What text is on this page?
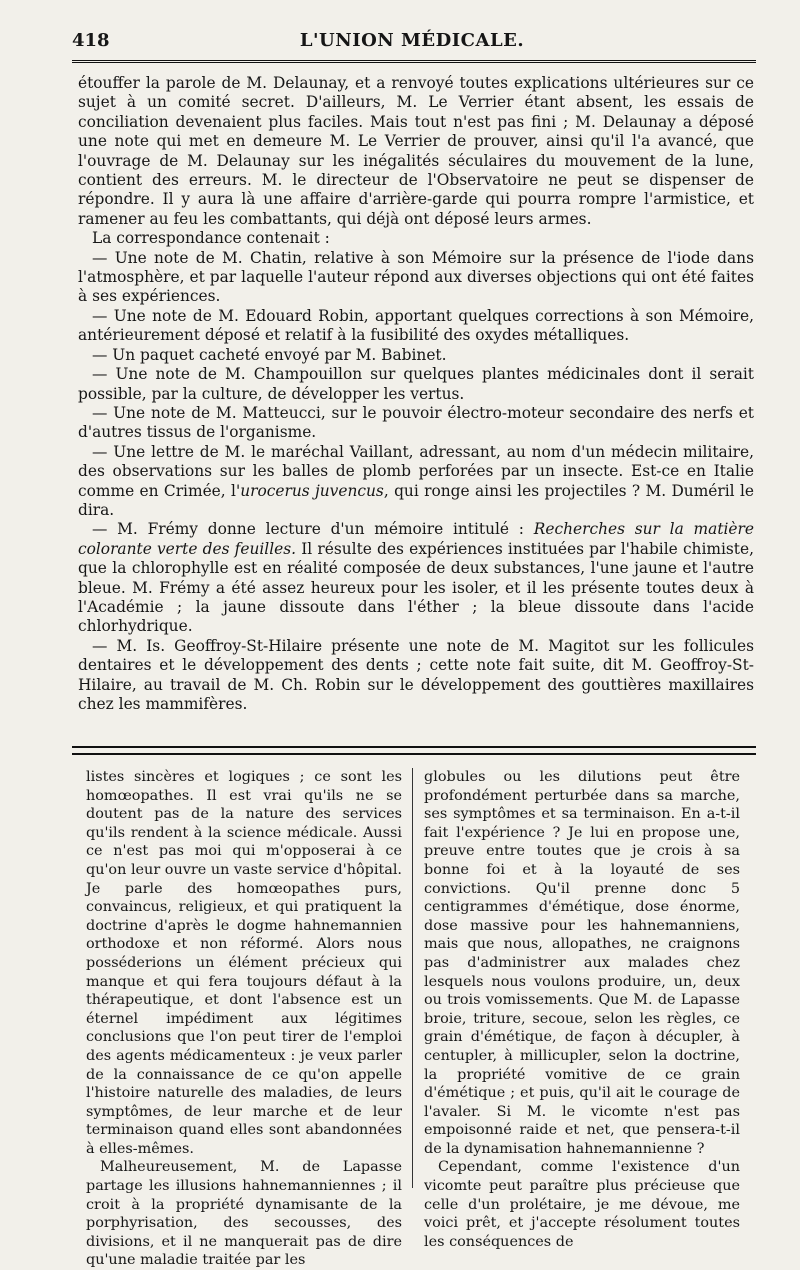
418	L'UNION MÉDICALE.

étouffer la parole de M. Delaunay, et a renvoyé toutes explications ultérieures sur ce sujet à un comité secret. D'ailleurs, M. Le Verrier étant absent, les essais de conciliation devenaient plus faciles. Mais tout n'est pas fini ; M. Delaunay a déposé une note qui met en demeure M. Le Verrier de prouver, ainsi qu'il l'a avancé, que l'ouvrage de M. Delaunay sur les inégalités séculaires du mouvement de la lune, contient des erreurs. M. le directeur de l'Observatoire ne peut se dispenser de répondre. Il y aura là une affaire d'arrière-garde qui pourra rompre l'armistice, et ramener au feu les combattants, qui déjà ont déposé leurs armes.

La correspondance contenait :

— Une note de M. Chatin, relative à son Mémoire sur la présence de l'iode dans l'atmosphère, et par laquelle l'auteur répond aux diverses objections qui ont été faites à ses expériences.

— Une note de M. Edouard Robin, apportant quelques corrections à son Mémoire, antérieurement déposé et relatif à la fusibilité des oxydes métalliques.

— Un paquet cacheté envoyé par M. Babinet.

— Une note de M. Champouillon sur quelques plantes médicinales dont il serait possible, par la culture, de développer les vertus.

— Une note de M. Matteucci, sur le pouvoir électro-moteur secondaire des nerfs et d'autres tissus de l'organisme.

— Une lettre de M. le maréchal Vaillant, adressant, au nom d'un médecin militaire, des observations sur les balles de plomb perforées par un insecte. Est-ce en Italie comme en Crimée, l'urocerus juvencus, qui ronge ainsi les projectiles ? M. Duméril le dira.

— M. Frémy donne lecture d'un mémoire intitulé : Recherches sur la matière colorante verte des feuilles. Il résulte des expériences instituées par l'habile chimiste, que la chlorophylle est en réalité composée de deux substances, l'une jaune et l'autre bleue. M. Frémy a été assez heureux pour les isoler, et il les présente toutes deux à l'Académie ; la jaune dissoute dans l'éther ; la bleue dissoute dans l'acide chlorhydrique.

— M. Is. Geoffroy-St-Hilaire présente une note de M. Magitot sur les follicules dentaires et le développement des dents ; cette note fait suite, dit M. Geoffroy-St-Hilaire, au travail de M. Ch. Robin sur le développement des gouttières maxillaires chez les mammifères.

listes sincères et logiques ; ce sont les homœopathes. Il est vrai qu'ils ne se doutent pas de la nature des services qu'ils rendent à la science médicale. Aussi ce n'est pas moi qui m'opposerai à ce qu'on leur ouvre un vaste service d'hôpital. Je parle des homœopathes purs, convaincus, religieux, et qui pratiquent la doctrine d'après le dogme hahnemannien orthodoxe et non réformé. Alors nous posséderions un élément précieux qui manque et qui fera toujours défaut à la thérapeutique, et dont l'absence est un éternel impédiment aux légitimes conclusions que l'on peut tirer de l'emploi des agents médicamenteux : je veux parler de la connaissance de ce qu'on appelle l'histoire naturelle des maladies, de leurs symptômes, de leur marche et de leur terminaison quand elles sont abandonnées à elles-mêmes.

Malheureusement, M. de Lapasse partage les illusions hahnemanniennes ; il croit à la propriété dynamisante de la porphyrisation, des secousses, des divisions, et il ne manquerait pas de dire qu'une maladie traitée par les

globules ou les dilutions peut être profondément perturbée dans sa marche, ses symptômes et sa terminaison. En a-t-il fait l'expérience ? Je lui en propose une, preuve entre toutes que je crois à sa bonne foi et à la loyauté de ses convictions. Qu'il prenne donc 5 centigrammes d'émétique, dose énorme, dose massive pour les hahnemanniens, mais que nous, allopathes, ne craignons pas d'administrer aux malades chez lesquels nous voulons produire, un, deux ou trois vomissements. Que M. de Lapasse broie, triture, secoue, selon les règles, ce grain d'émétique, de façon à décupler, à centupler, à millicupler, selon la doctrine, la propriété vomitive de ce grain d'émétique ; et puis, qu'il ait le courage de l'avaler. Si M. le vicomte n'est pas empoisonné raide et net, que pensera-t-il de la dynamisation hahnemannienne ?

Cependant, comme l'existence d'un vicomte peut paraître plus précieuse que celle d'un prolétaire, je me dévoue, me voici prêt, et j'accepte résolument toutes les conséquences de
